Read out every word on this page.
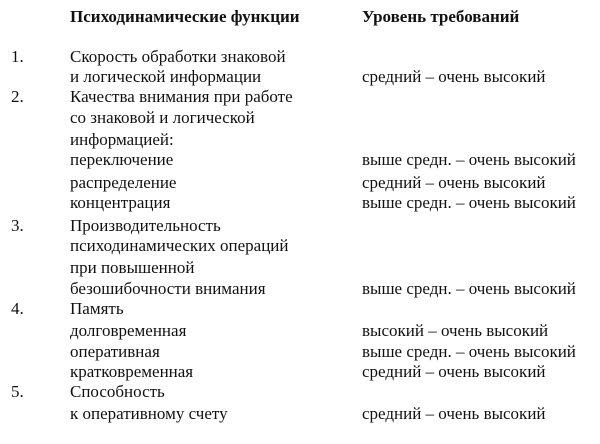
Психодинамические функции	Уровень требований
1.	Скорость обработки знаковой
и логической информации	средний – очень высокий
2.	Качества внимания при работе
со знаковой и логической
информацией:
переключение	выше средн. – очень высокий
распределение	средний – очень высокий
концентрация	выше средн. – очень высокий
3.	Производительность
психодинамических операций
при повышенной
безошибочности внимания	выше средн. – очень высокий
4.	Память
долговременная	высокий – очень высокий
оперативная	выше средн. – очень высокий
кратковременная	средний – очень высокий
5.	Способность
к оперативному счету	средний – очень высокий
